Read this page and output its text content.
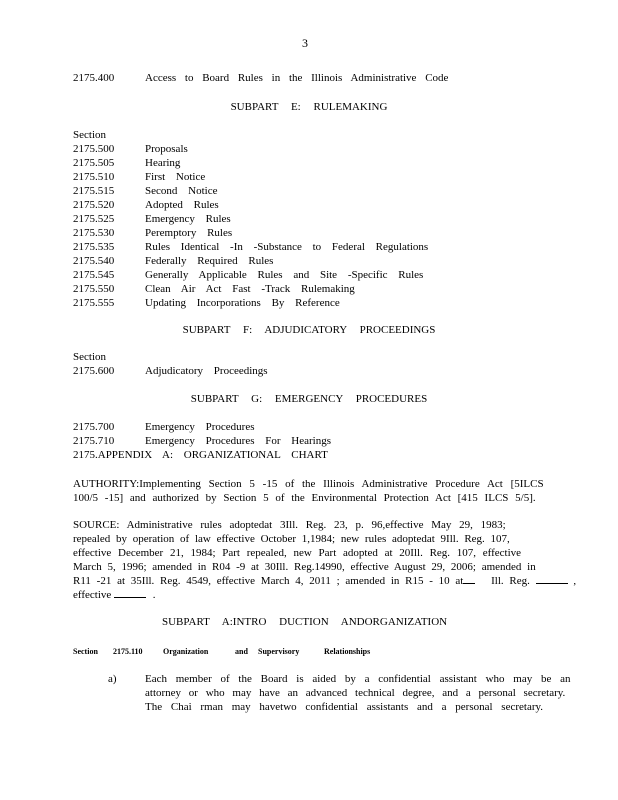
3
2175.400	Access to Board Rules in the Illinois Administrative Code
SUBPART E: RULEMAKING
Section
2175.500	Proposals
2175.505	Hearing
2175.510	First Notice
2175.515	Second Notice
2175.520	Adopted Rules
2175.525	Emergency Rules
2175.530	Peremptory Rules
2175.535	Rules Identical -In -Substance to Federal Regulations
2175.540	Federally Required Rules
2175.545	Generally Applicable Rules and Site -Specific Rules
2175.550	Clean Air Act Fast -Track Rulemaking
2175.555	Updating Incorporations By Reference
SUBPART F: ADJUDICATORY PROCEEDINGS
Section
2175.600	Adjudicatory Proceedings
SUBPART G: EMERGENCY PROCEDURES
2175.700	Emergency Procedures
2175.710	Emergency Procedures For Hearings
2175.APPENDIX A: ORGANIZATIONAL CHART
AUTHORITY:Implementing Section 5 -15 of the Illinois Administrative Procedure Act [5ILCS
100/5 -15] and authorized by Section 5 of the Environmental Protection Act [415 ILCS 5/5].
SOURCE: Administrative rules adoptedat 3Ill. Reg. 23, p. 96,effective May 29, 1983;
repealed by operation of law effective October 1,1984; new rules adoptedat 9Ill. Reg. 107,
effective December 21, 1984; Part repealed, new Part adopted at 20Ill. Reg. 107, effective
March 5, 1996; amended in R04 -9 at 30Ill. Reg.14990, effective August 29, 2006; amended in
R11 -21 at 35Ill. Reg. 4549, effective March 4, 2011 ; amended in R15 - 10 at	Ill. Reg.	,
effective	.
SUBPART A:INTRO DUCTION ANDORGANIZATION
Section 2175.110	Organization	and Supervisory	Relationships
a)	Each member of the Board is aided by a confidential assistant who may be an
attorney or who may have an advanced technical degree, and a personal secretary.
The Chai rman may havetwo confidential assistants and a personal secretary.
